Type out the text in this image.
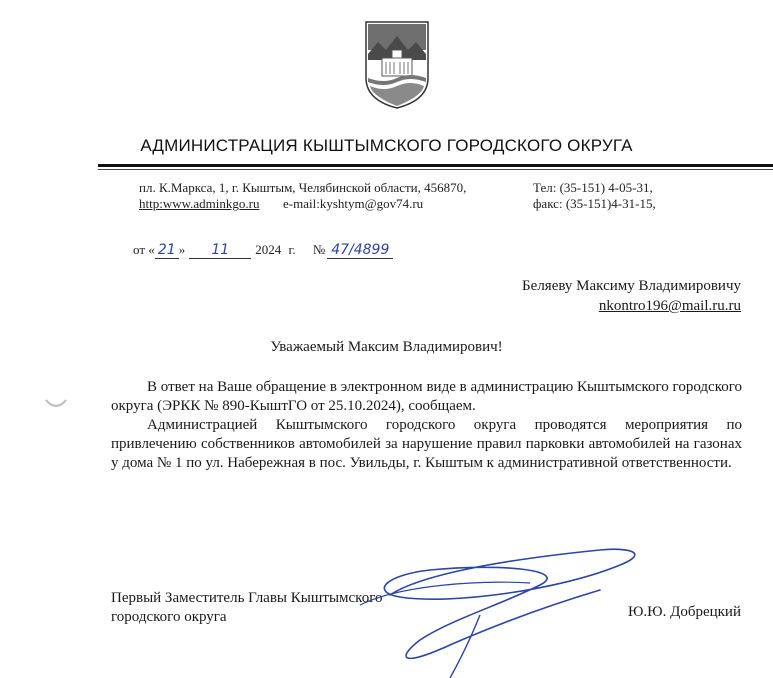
АДМИНИСТРАЦИЯ КЫШТЫМСКОГО ГОРОДСКОГО ОКРУГА
пл. К.Маркса, 1, г. Кыштым, Челябинской области, 456870,
http:www.adminkgo.ru e-mail:kyshtym@gov74.ru
Тел: (35-151) 4-05-31,
факс: (35-151)4-31-15,
от « 21 » 11 2024 г. № 47/4899
Беляеву Максиму Владимировичу
nkontro196@mail.ru.ru
Уважаемый Максим Владимирович!

В ответ на Ваше обращение в электронном виде в администрацию Кыштымского городского округа (ЭРКК № 890-КыштГО от 25.10.2024), сообщаем.

Администрацией Кыштымского городского округа проводятся мероприятия по привлечению собственников автомобилей за нарушение правил парковки автомобилей на газонах у дома № 1 по ул. Набережная в пос. Увильды, г. Кыштым к административной ответственности.

Первый Заместитель Главы Кыштымского
городского округа	Ю.Ю. Добрецкий
